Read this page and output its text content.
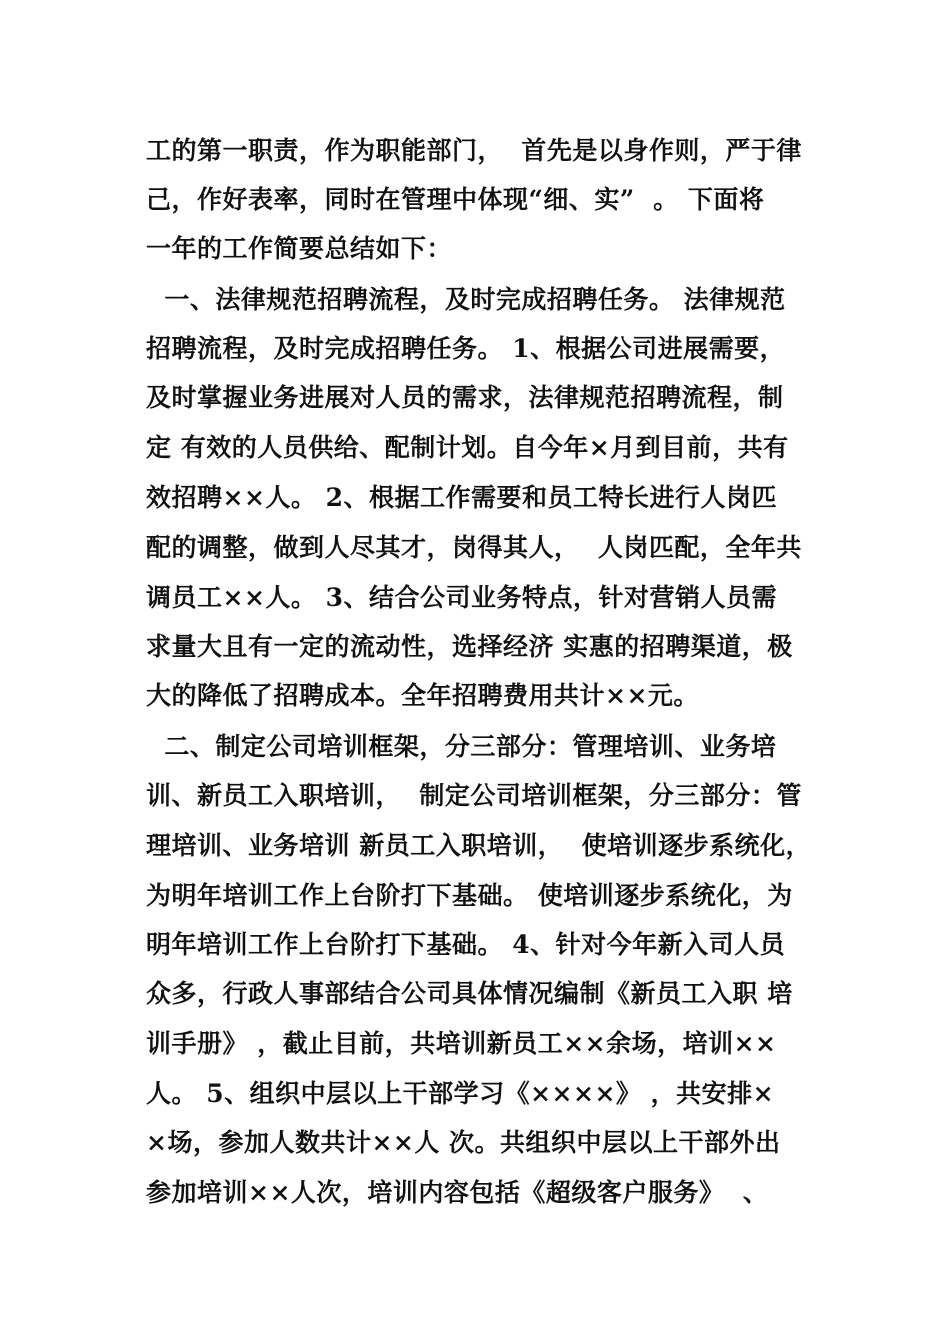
工的第一职责，作为职能部门，  首先是以身作则，严于律
己，作好表率，同时在管理中体现“细、实”  。 下面将
一年的工作简要总结如下：
一、法律规范招聘流程，及时完成招聘任务。 法律规范
招聘流程，及时完成招聘任务。 1、根据公司进展需要，
及时掌握业务进展对人员的需求，法律规范招聘流程，制
定 有效的人员供给、配制计划。自今年×月到目前，共有
效招聘××人。 2、根据工作需要和员工特长进行人岗匹
配的调整，做到人尽其才，岗得其人，  人岗匹配，全年共
调员工××人。 3、结合公司业务特点，针对营销人员需
求量大且有一定的流动性，选择经济 实惠的招聘渠道，极
大的降低了招聘成本。全年招聘费用共计××元。
二、制定公司培训框架，分三部分：管理培训、业务培
训、新员工入职培训，  制定公司培训框架，分三部分：管
理培训、业务培训 新员工入职培训，  使培训逐步系统化，
为明年培训工作上台阶打下基础。 使培训逐步系统化，为
明年培训工作上台阶打下基础。 4、针对今年新入司人员
众多，行政人事部结合公司具体情况编制《新员工入职 培
训手册》 ，截止目前，共培训新员工××余场，培训××
人。 5、组织中层以上干部学习《××××》 ，共安排×
×场，参加人数共计××人 次。共组织中层以上干部外出
参加培训××人次，培训内容包括《超级客户服务》  、
